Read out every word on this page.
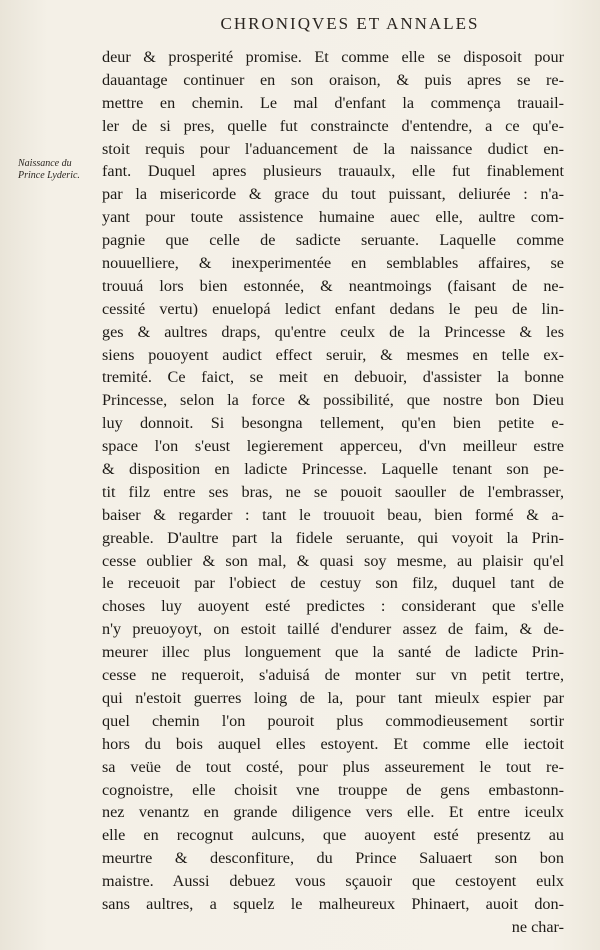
CHRONIQVES ET ANNALES
Naissance du
Prince Lyderic.
deur & prosperité promise. Et comme elle se disposoit pour
dauantage continuer en son oraison, & puis apres se re-
mettre en chemin. Le mal d'enfant la commença trauail-
ler de si pres, quelle fut constraincte d'entendre, a ce qu'e-
stoit requis pour l'aduancement de la naissance dudict en-
fant. Duquel apres plusieurs trauaulx, elle fut finablement
par la misericorde & grace du tout puissant, deliurée : n'a-
yant pour toute assistence humaine auec elle, aultre com-
pagnie que celle de sadicte seruante. Laquelle comme
nouuelliere, & inexperimentée en semblables affaires, se
trouuá lors bien estonnée, & neantmoings (faisant de ne-
cessité vertu) enuelopá ledict enfant dedans le peu de lin-
ges & aultres draps, qu'entre ceulx de la Princesse & les
siens pouoyent audict effect seruir, & mesmes en telle ex-
tremité. Ce faict, se meit en debuoir, d'assister la bonne
Princesse, selon la force & possibilité, que nostre bon Dieu
luy donnoit. Si besongna tellement, qu'en bien petite e-
space l'on s'eust legierement apperceu, d'vn meilleur estre
& disposition en ladicte Princesse. Laquelle tenant son pe-
tit filz entre ses bras, ne se pouoit saouller de l'embrasser,
baiser & regarder : tant le trouuoit beau, bien formé & a-
greable. D'aultre part la fidele seruante, qui voyoit la Prin-
cesse oublier & son mal, & quasi soy mesme, au plaisir qu'el
le receuoit par l'obiect de cestuy son filz, duquel tant de
choses luy auoyent esté predictes : considerant que s'elle
n'y preuoyoyt, on estoit taillé d'endurer assez de faim, & de-
meurer illec plus longuement que la santé de ladicte Prin-
cesse ne requeroit, s'aduisá de monter sur vn petit tertre,
qui n'estoit guerres loing de la, pour tant mieulx espier par
quel chemin l'on pouroit plus commodieusement sortir
hors du bois auquel elles estoyent. Et comme elle iectoit
sa veüe de tout costé, pour plus asseurement le tout re-
cognoistre, elle choisit vne trouppe de gens embastonn-
nez venantz en grande diligence vers elle. Et entre iceulx
elle en recognut aulcuns, que auoyent esté presentz au
meurtre & desconfiture, du Prince Saluaert son bon
maistre. Aussi debuez vous sçauoir que cestoyent eulx
sans aultres, a squelz le malheureux Phinaert, auoit don-
ne char-
